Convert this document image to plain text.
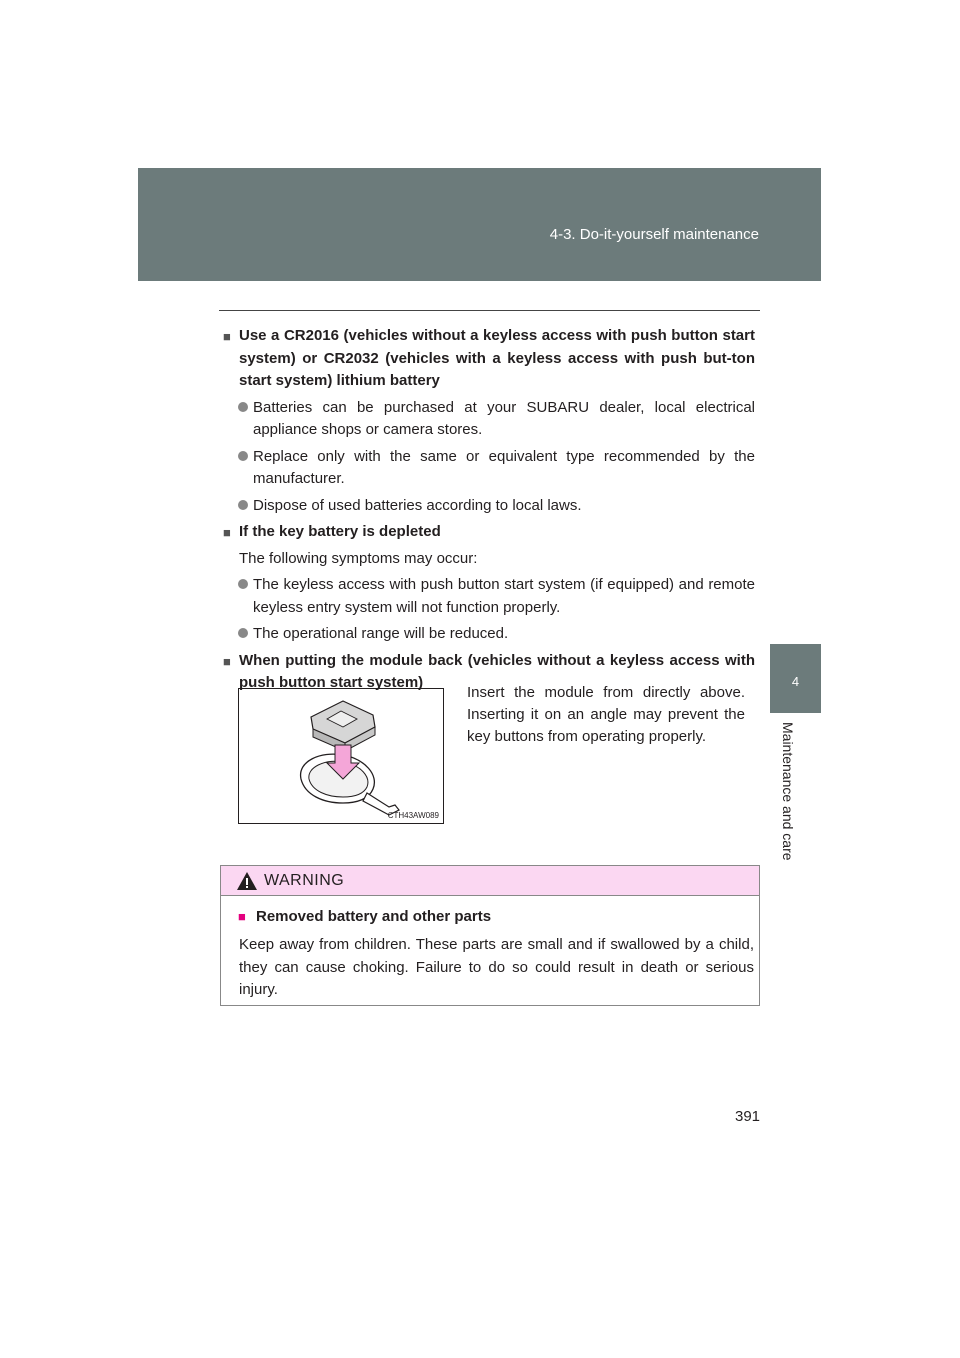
4-3. Do-it-yourself maintenance
4
Maintenance and care
■ Use a CR2016 (vehicles without a keyless access with push button start system) or CR2032 (vehicles with a keyless access with push but-ton start system) lithium battery
Batteries can be purchased at your SUBARU dealer, local electrical appliance shops or camera stores.
Replace only with the same or equivalent type recommended by the manufacturer.
Dispose of used batteries according to local laws.
■ If the key battery is depleted
The following symptoms may occur:
The keyless access with push button start system (if equipped) and remote keyless entry system will not function properly.
The operational range will be reduced.
■ When putting the module back (vehicles without a keyless access with push button start system)
CTH43AW089
Insert the module from directly above. Inserting it on an angle may prevent the key buttons from operating properly.
WARNING
■ Removed battery and other parts
Keep away from children. These parts are small and if swallowed by a child, they can cause choking. Failure to do so could result in death or serious injury.
391
